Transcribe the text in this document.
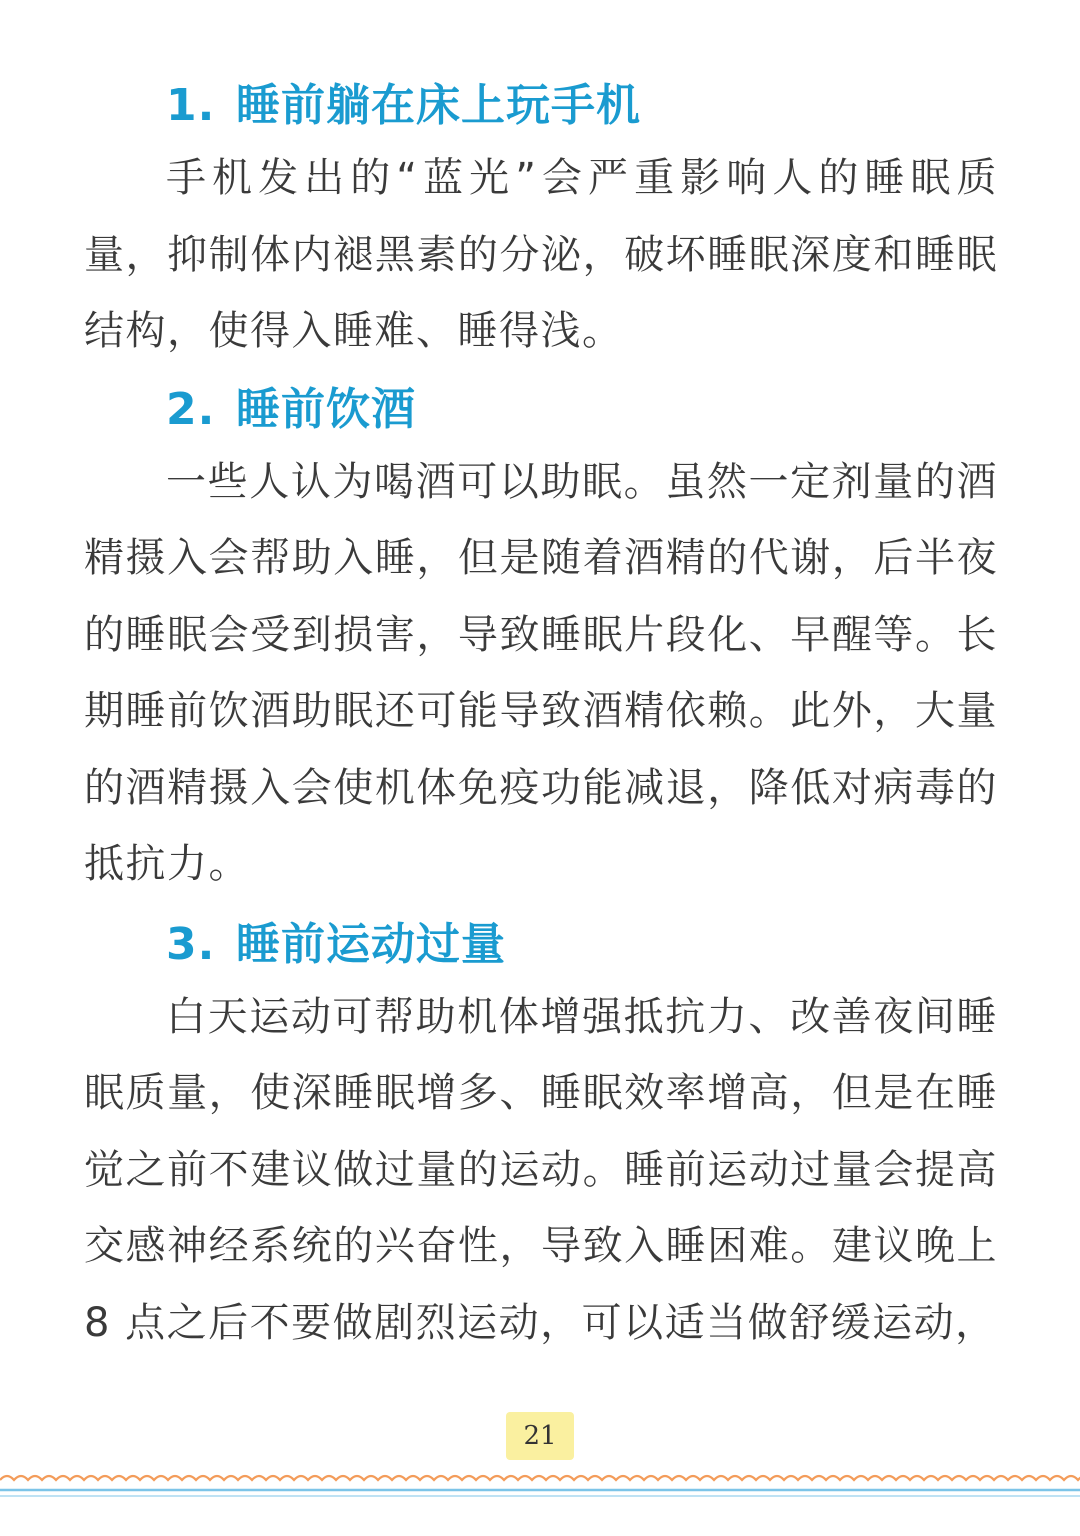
1. 睡前躺在床上玩手机

手机发出的“蓝光”会严重影响人的睡眠质量，抑制体内褪黑素的分泌，破坏睡眠深度和睡眠结构，使得入睡难、睡得浅。

2. 睡前饮酒

一些人认为喝酒可以助眠。虽然一定剂量的酒精摄入会帮助入睡，但是随着酒精的代谢，后半夜的睡眠会受到损害，导致睡眠片段化、早醒等。长期睡前饮酒助眠还可能导致酒精依赖。此外，大量的酒精摄入会使机体免疫功能减退，降低对病毒的抵抗力。

3. 睡前运动过量

白天运动可帮助机体增强抵抗力、改善夜间睡眠质量，使深睡眠增多、睡眠效率增高，但是在睡觉之前不建议做过量的运动。睡前运动过量会提高交感神经系统的兴奋性，导致入睡困难。建议晚上8 点之后不要做剧烈运动，可以适当做舒缓运动，

21
